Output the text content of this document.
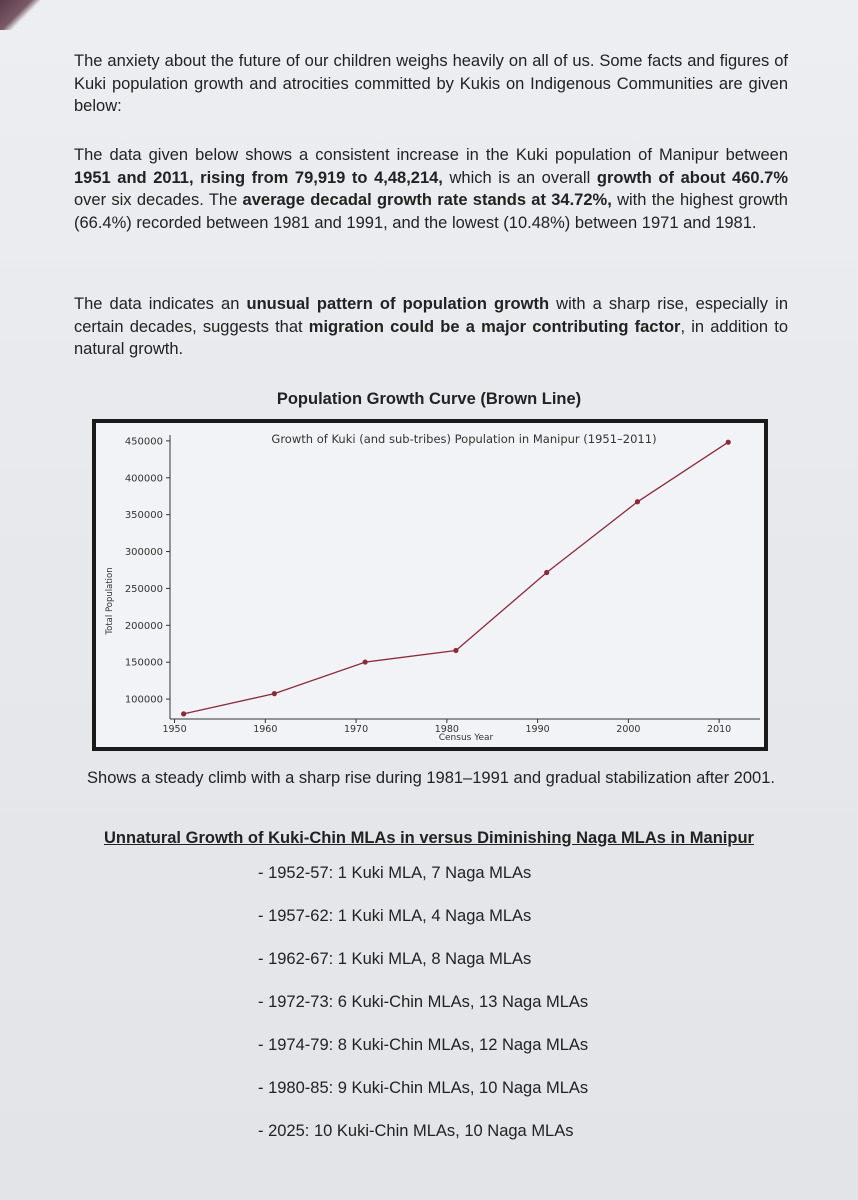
The anxiety about the future of our children weighs heavily on all of us. Some facts and figures of Kuki population growth and atrocities committed by Kukis on Indigenous Communities are given below:

The data given below shows a consistent increase in the Kuki population of Manipur between 1951 and 2011, rising from 79,919 to 4,48,214, which is an overall growth of about 460.7% over six decades. The average decadal growth rate stands at 34.72%, with the highest growth (66.4%) recorded between 1981 and 1991, and the lowest (10.48%) between 1971 and 1981.

The data indicates an unusual pattern of population growth with a sharp rise, especially in certain decades, suggests that migration could be a major contributing factor, in addition to natural growth.

Population Growth Curve (Brown Line)
Growth of Kuki (and sub-tribes) Population in Manipur (1951–2011)
Total Population
Census Year
100000
150000
200000
250000
300000
350000
400000
450000
1950	1960	1970	1980	1990	2000	2010

Shows a steady climb with a sharp rise during 1981–1991 and gradual stabilization after 2001.

Unnatural Growth of Kuki-Chin MLAs in versus Diminishing Naga MLAs in Manipur
- 1952-57: 1 Kuki MLA, 7 Naga MLAs
- 1957-62: 1 Kuki MLA, 4 Naga MLAs
- 1962-67: 1 Kuki MLA, 8 Naga MLAs
- 1972-73: 6 Kuki-Chin MLAs, 13 Naga MLAs
- 1974-79: 8 Kuki-Chin MLAs, 12 Naga MLAs
- 1980-85: 9 Kuki-Chin MLAs, 10 Naga MLAs
- 2025: 10 Kuki-Chin MLAs, 10 Naga MLAs
